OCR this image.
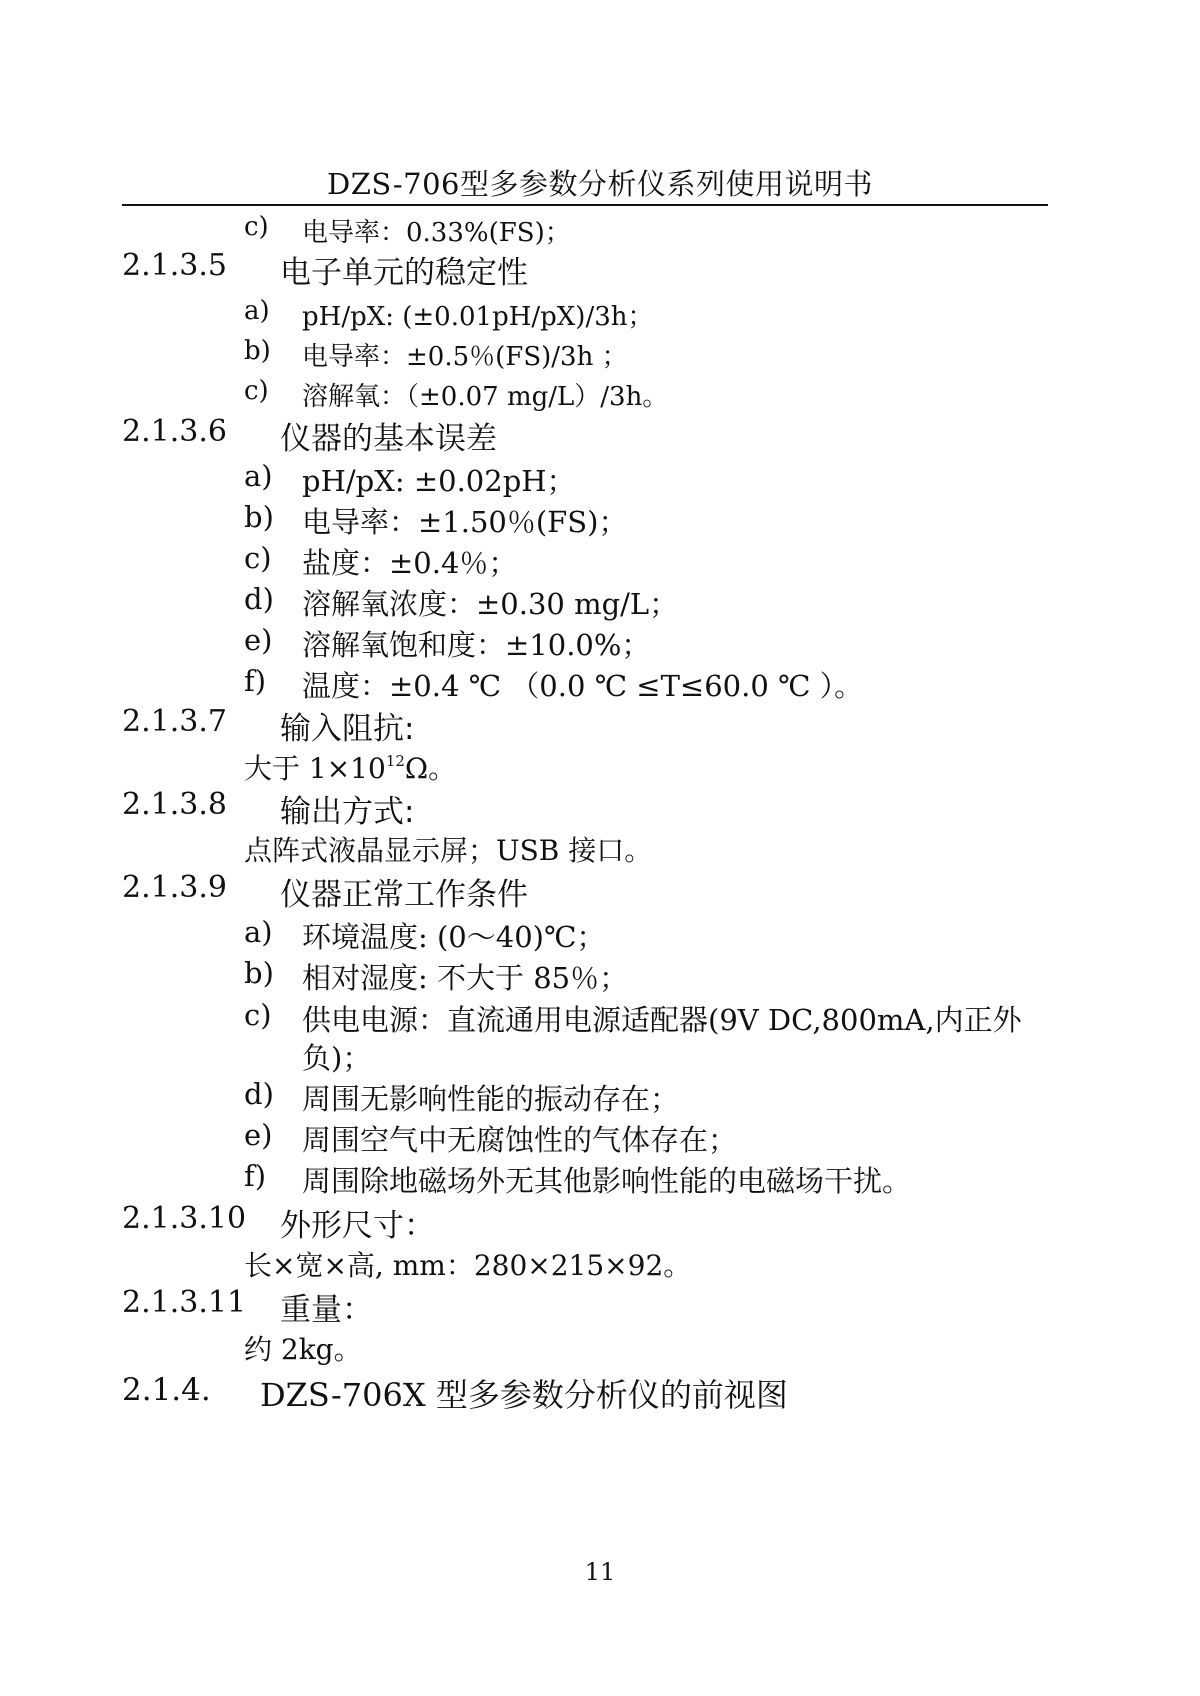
DZS-706型多参数分析仪系列使用说明书
c) 电导率：0.33%(FS)；
2.1.3.5 电子单元的稳定性
a) pH/pX: (±0.01pH/pX)/3h；
b) 电导率：±0.5％(FS)/3h ；
c) 溶解氧：（±0.07 mg/L）/3h。
2.1.3.6 仪器的基本误差
a) pH/pX: ±0.02pH；
b) 电导率：±1.50％(FS)；
c) 盐度：±0.4％；
d) 溶解氧浓度：±0.30 mg/L；
e) 溶解氧饱和度：±10.0%；
f) 温度：±0.4 ℃ （0.0 ℃ ≤T≤60.0 ℃ ）。
2.1.3.7 输入阻抗:
大于 $1\times 10^{12}\Omega$。
2.1.3.8 输出方式:
点阵式液晶显示屏；USB 接口。
2.1.3.9 仪器正常工作条件
a) 环境温度: (0～40)℃；
b) 相对湿度: 不大于 85％；
c) 供电电源：直流通用电源适配器(9V DC,800mA,内正外
负)；
d) 周围无影响性能的振动存在；
e) 周围空气中无腐蚀性的气体存在；
f) 周围除地磁场外无其他影响性能的电磁场干扰。
2.1.3.10 外形尺寸：
长×宽×高, mm：280×215×92。
2.1.3.11 重量：
约 2kg。
2.1.4. DZS-706X 型多参数分析仪的前视图
11
